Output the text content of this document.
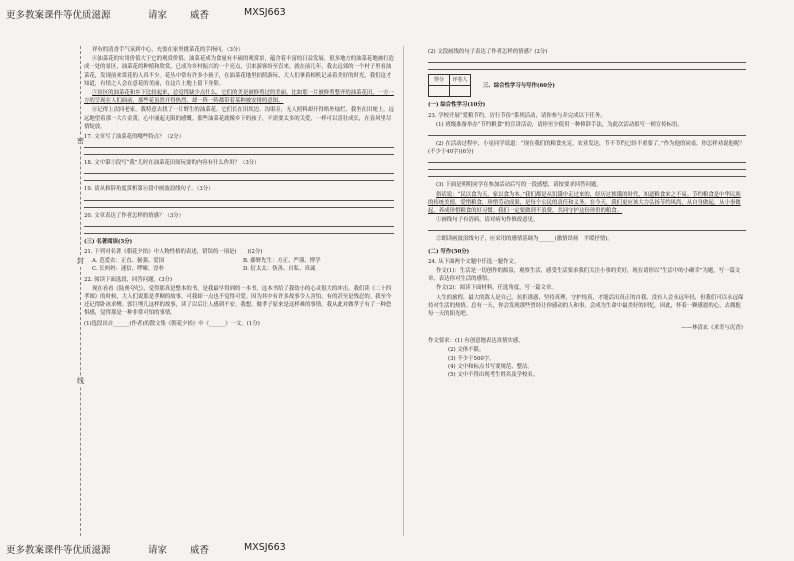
更多教案课件等优质滋源	请家 威香	MXSJ663
密
封
线

祥有的清香手气氛到中心，充盈在家里挑菜花的手指问。（3分）

④油菜花的实用价值大于它的观赏价值。油菜花成为食量有丰硕的观赏景，蕴含着丰富的日益发展。很多地方的油菜花地被打造成一处的景区，油菜花的种植和欣赏，已成为乡村振兴的一个亮点，引来游客纷至沓来。就在前几年，我去远郊的一个村子里看油菜花，发现前来赏花的人真不少。花丛中常有许多小孩子，在油菜花地里拍照游玩，大人们拿着相机记录着美好的时光，我们这才知道，有情之人会在意花的美丽，在这片土地上留下身影。

⑤景区的油菜花和乡下比较起来，总觉得缺少点什么。它们的美是被修剪过的美丽，比如那一片被修剪整齐的油菜花田，一方一方的呈现在人们面前，那些花虽然开得热烈，却一阵一阵都带着某种被安排的意图。

⑥记得上次回老家，我特意去找了一片野生的油菜花。它们长在田坎边、沟渠旁，无人照料却开得格外灿烂。我坐在田埂上，远远地望着那一大片金黄，心中涌起无限的感慨。那些油菜花就像乡下的孩子，不需要太多的关爱，一样可以茁壮成长，在春风里尽情绽放。

17. 文章写了油菜花的哪些特点？（2分）

18. 文中第⑤段写“我”儿时在油菜花田间玩耍的内容有什么作用？（3分）

19. 请从修辞角度赏析第⑥段中画波浪线句子。（3分）

20. 文章表达了作者怎样的情感？（3分）

(三) 名著阅读(5分)

21. 下列对名著《朝花夕拾》中人物性格的表述，错误的一项是(　　)(2分)

A. 范爱农：正直、倔强、爱国	B. 藤野先生：方正、严谨、博学
C. 长妈妈：迷信、啰嗦、淳朴	D. 衍太太：伪善、自私、真诚

22. 阅读下面选段，回答问题。(3分)

现在看看《陆奥夸纪》，觉得那真是整本的书，是我最早得到的一本书。这本书给了我幼小的心灵很大的冲击。我们读《二十四孝图》的时候，大人们说那是孝顺的故事，可我却一点也不觉得可爱。因为其中有许多故事令人害怕，有的甚至是残忍的。我至今还记得卧冰求鲤、郭巨埋儿这样的故事，读了以后让人感到不安。我想，做孝子原来是这样难的事情。我从此对做孝子有了一种恐惧感，觉得那是一种非常可怕的事情。

(1)选段出自______(作者)的散文集《朝花夕拾》中《______》一文。(1分)

(2) 文段画线的句子表达了作者怎样的情感？(2分)

得分	评卷人

三、综合性学习与写作(60分)

(一) 综合性学习(10分)

23. 学校开展“爱粮节约，厉行节俭”系列活动，请你参与并完成以下任务。

(1) 班级准备举办“节约粮食”的宣讲活动，请你至少使用一种修辞手法，为此次活动拟写一则宣传标语。

(2) 在活动过程中，小星同学说道：“现在我们的粮食充足，农业发达，节不节约已经不重要了。”作为他的同桌，你怎样劝说他呢？(不少于40字)(6分)

(3) 下面是明明同学在参加活动后写的一段感想，请按要求回答问题。

俗话说：“民以食为天，家以食为本。”我们都是从饥饿中走过来的，经历过挨饿的时代，知道粮食来之不易。节约粮食是中华民族的传统美德，爱惜粮食，珍惜劳动成果，是每个公民的责任和义务。在今天，我们更应该大力弘扬节约风尚，从自身做起，从小事做起，养成珍惜粮食的好习惯。我们一定要做到不浪费，共同守护这份珍贵的粮食。

①画线句子有语病，请对病句作修改意见。

②朗读画波浪线句子，应采用的感情基调为______(激情昂扬　平缓抒情)。

(二) 写作(50分)

24. 从下面两个文题中任选一题作文。

作文(1)：生活是一切创作的源泉，观察生活，感受生活要求我们关注小事的美好，现在请你以“生活中的小确幸”为题，写一篇文章，表达你对生活的感悟。

作文(2)：阅读下面材料，任选角度，写一篇文章。

人生的旅程，最大的敌人是自己。抗拒诱惑，坚持真理，守护纯真，才能活出真正的自我。没有人会永远年轻，但我们可以永远保持对生活的热情。总有一天，你会发现那些曾经让你感动的人和事，会成为生命中最美好的回忆。因此，怀着一颗感恩的心，去拥抱每一天的阳光吧。

——林清玄《求美与沉香》

作文要求：(1) 有创意地表达真情实感。

(2) 文体不限。
(3) 不少于500字。
(4) 文中和标点书写要规范、整洁。
(5) 文中不得出现考生姓名及学校名。
更多教案课件等优质滋源	请家 威香	MXSJ663
